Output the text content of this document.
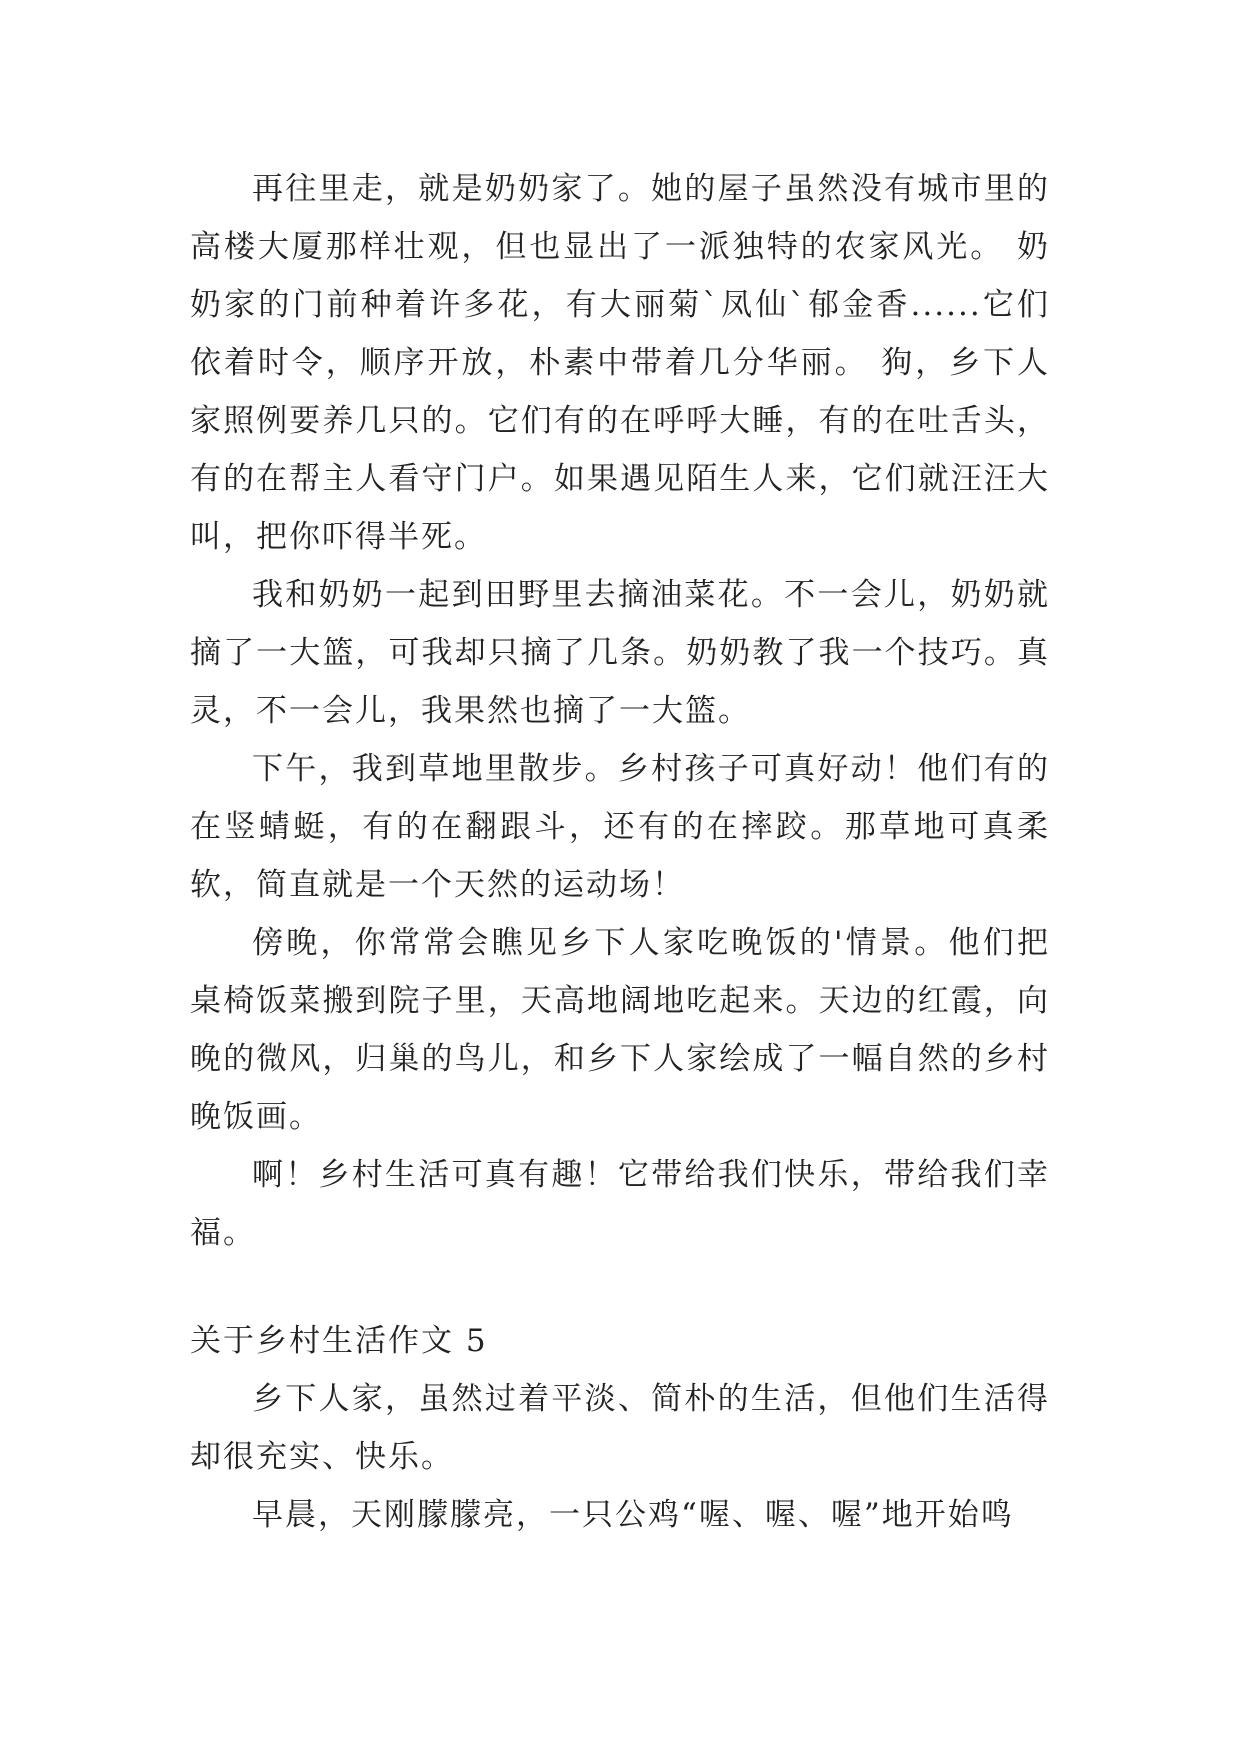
再往里走，就是奶奶家了。她的屋子虽然没有城市里的高楼大厦那样壮观，但也显出了一派独特的农家风光。 奶奶家的门前种着许多花，有大丽菊`凤仙`郁金香......它们依着时令，顺序开放，朴素中带着几分华丽。 狗，乡下人家照例要养几只的。它们有的在呼呼大睡，有的在吐舌头，有的在帮主人看守门户。如果遇见陌生人来，它们就汪汪大叫，把你吓得半死。

我和奶奶一起到田野里去摘油菜花。不一会儿，奶奶就摘了一大篮，可我却只摘了几条。奶奶教了我一个技巧。真灵，不一会儿，我果然也摘了一大篮。

下午，我到草地里散步。乡村孩子可真好动！他们有的在竖蜻蜓，有的在翻跟斗，还有的在摔跤。那草地可真柔软，简直就是一个天然的运动场！

傍晚，你常常会瞧见乡下人家吃晚饭的'情景。他们把桌椅饭菜搬到院子里，天高地阔地吃起来。天边的红霞，向晚的微风，归巢的鸟儿，和乡下人家绘成了一幅自然的乡村晚饭画。

啊！乡村生活可真有趣！它带给我们快乐，带给我们幸福。

关于乡村生活作文 5

乡下人家，虽然过着平淡、简朴的生活，但他们生活得却很充实、快乐。

早晨，天刚朦朦亮，一只公鸡“喔、喔、喔”地开始鸣
